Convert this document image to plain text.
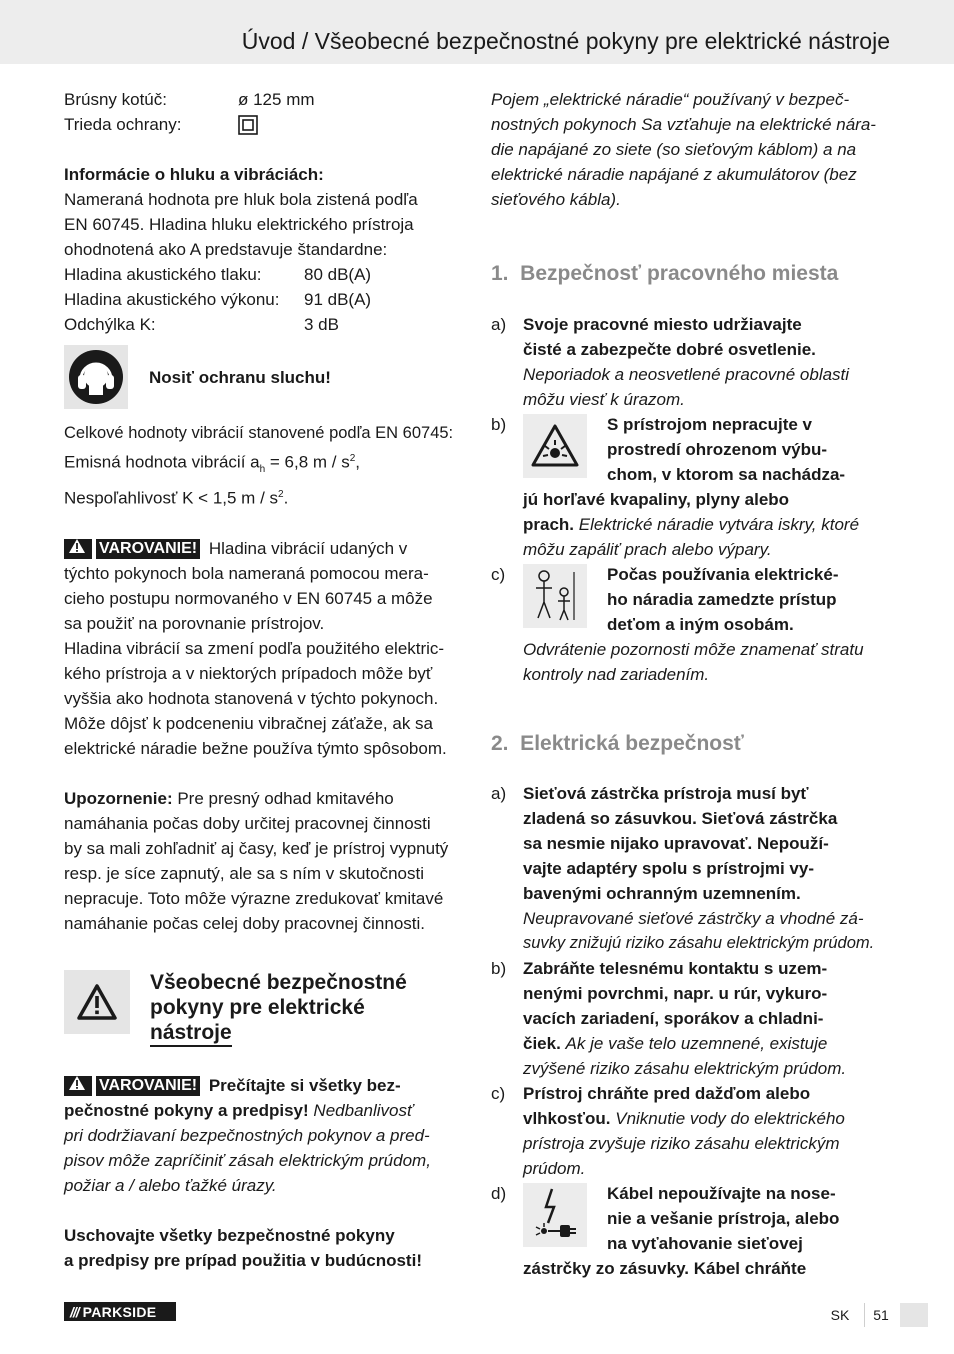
Úvod / Všeobecné bezpečnostné pokyny pre elektrické nástroje
Brúsny kotúč:	ø 125 mm
Trieda ochrany:
Informácie o hluku a vibráciách:
Nameraná hodnota pre hluk bola zistená podľa
EN 60745. Hladina hluku elektrického prístroja
ohodnotená ako A predstavuje štandardne:
Hladina akustického tlaku:	80 dB(A)
Hladina akustického výkonu:	91 dB(A)
Odchýlka K:	3 dB
Nosiť ochranu sluchu!
Celkové hodnoty vibrácií stanovené podľa EN 60745:
Emisná hodnota vibrácií $a_h = 6,8$ m / $s^2$,
Nespoľahlivosť K < 1,5 m / $s^2$.
VAROVANIE! Hladina vibrácií udaných v
týchto pokynoch bola nameraná pomocou mera-
cieho postupu normovaného v EN 60745 a môže
sa použiť na porovnanie prístrojov.
Hladina vibrácií sa zmení podľa použitého elektric-
kého prístroja a v niektorých prípadoch môže byť
vyššia ako hodnota stanovená v týchto pokynoch.
Môže dôjsť k podceneniu vibračnej záťaže, ak sa
elektrické náradie bežne používa týmto spôsobom.
Upozornenie: Pre presný odhad kmitavého
namáhania počas doby určitej pracovnej činnosti
by sa mali zohľadniť aj časy, keď je prístroj vypnutý
resp. je síce zapnutý, ale sa s ním v skutočnosti
nepracuje. Toto môže výrazne zredukovať kmitavé
namáhanie počas celej doby pracovnej činnosti.
Všeobecné bezpečnostné
pokyny pre elektrické
nástroje
VAROVANIE! Prečítajte si všetky bez-
pečnostné pokyny a predpisy! Nedbanlivosť
pri dodržiavaní bezpečnostných pokynov a pred-
pisov môže zapríčiniť zásah elektrickým prúdom,
požiar a / alebo ťažké úrazy.
Uschovajte všetky bezpečnostné pokyny
a predpisy pre prípad použitia v budúcnosti!
Pojem „elektrické náradie“ používaný v bezpeč-
nostných pokynoch Sa vzťahuje na elektrické nára-
die napájané zo siete (so sieťovým káblom) a na
elektrické náradie napájané z akumulátorov (bez
sieťového kábla).
1.  Bezpečnosť pracovného miesta
a) Svoje pracovné miesto udržiavajte
čisté a zabezpečte dobré osvetlenie.
Neporiadok a neosvetlené pracovné oblasti
môžu viesť k úrazom.
b)	S prístrojom nepracujte v
prostredí ohrozenom výbu-
chom, v ktorom sa nachádza-
jú horľavé kvapaliny, plyny alebo
prach. Elektrické náradie vytvára iskry, ktoré
môžu zapáliť prach alebo výpary.
c)	Počas používania elektrické-
ho náradia zamedzte prístup
deťom a iným osobám.
Odvrátenie pozornosti môže znamenať stratu
kontroly nad zariadením.
2.  Elektrická bezpečnosť
a) Sieťová zástrčka prístroja musí byť
zladená so zásuvkou. Sieťová zástrčka
sa nesmie nijako upravovať. Nepouží-
vajte adaptéry spolu s prístrojmi vy-
bavenými ochranným uzemnením.
Neupravované sieťové zástrčky a vhodné zá-
suvky znižujú riziko zásahu elektrickým prúdom.
b) Zabráňte telesnému kontaktu s uzem-
nenými povrchmi, napr. u rúr, vykuro-
vacích zariadení, sporákov a chladni-
čiek. Ak je vaše telo uzemnené, existuje
zvýšené riziko zásahu elektrickým prúdom.
c)	Prístroj chráňte pred dažďom alebo
vlhkosťou. Vniknutie vody do elektrického
prístroja zvyšuje riziko zásahu elektrickým
prúdom.
d)	Kábel nepoužívajte na nose-
nie a vešanie prístroja, alebo
na vyťahovanie sieťovej
zástrčky zo zásuvky. Kábel chráňte
/// PARKSIDE	SK	51
